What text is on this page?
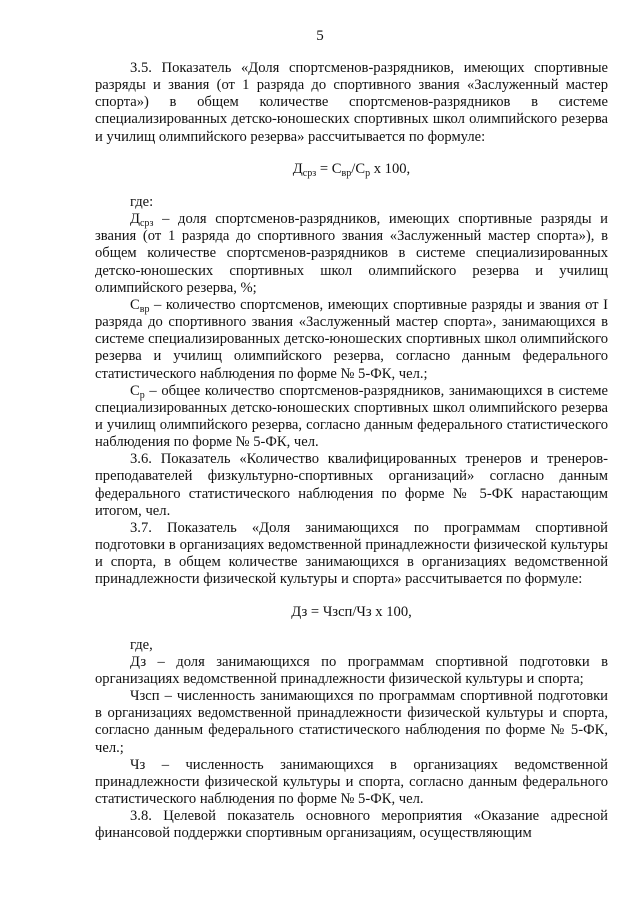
5

3.5. Показатель «Доля спортсменов-разрядников, имеющих спортивные разряды и звания (от 1 разряда до спортивного звания «Заслуженный мастер спорта») в общем количестве спортсменов-разрядников в системе специализированных детско-юношеских спортивных школ олимпийского резерва и училищ олимпийского резерва» рассчитывается по формуле:

$Д_{срз} = С_{вр}/С_р$ x 100,

где:

$Д_{срз}$ – доля спортсменов-разрядников, имеющих спортивные разряды и звания (от 1 разряда до спортивного звания «Заслуженный мастер спорта»), в общем количестве спортсменов-разрядников в системе специализированных детско-юношеских спортивных школ олимпийского резерва и училищ олимпийского резерва, %;

$С_{вр}$ – количество спортсменов, имеющих спортивные разряды и звания от I разряда до спортивного звания «Заслуженный мастер спорта», занимающихся в системе специализированных детско-юношеских спортивных школ олимпийского резерва и училищ олимпийского резерва, согласно данным федерального статистического наблюдения по форме № 5-ФК, чел.;

$С_р$ – общее количество спортсменов-разрядников, занимающихся в системе специализированных детско-юношеских спортивных школ олимпийского резерва и училищ олимпийского резерва, согласно данным федерального статистического наблюдения по форме № 5-ФК, чел.

3.6. Показатель «Количество квалифицированных тренеров и тренеров-преподавателей физкультурно-спортивных организаций» согласно данным федерального статистического наблюдения по форме № 5-ФК нарастающим итогом, чел.

3.7. Показатель «Доля занимающихся по программам спортивной подготовки в организациях ведомственной принадлежности физической культуры и спорта, в общем количестве занимающихся в организациях ведомственной принадлежности физической культуры и спорта» рассчитывается по формуле:

Дз = Чзсп/Чз x 100,

где,

Дз – доля занимающихся по программам спортивной подготовки в организациях ведомственной принадлежности физической культуры и спорта;

Чзсп – численность занимающихся по программам спортивной подготовки в организациях ведомственной принадлежности физической культуры и спорта, согласно данным федерального статистического наблюдения по форме № 5-ФК, чел.;

Чз – численность занимающихся в организациях ведомственной принадлежности физической культуры и спорта, согласно данным федерального статистического наблюдения по форме № 5-ФК, чел.

3.8. Целевой показатель основного мероприятия «Оказание адресной финансовой поддержки спортивным организациям, осуществляющим
